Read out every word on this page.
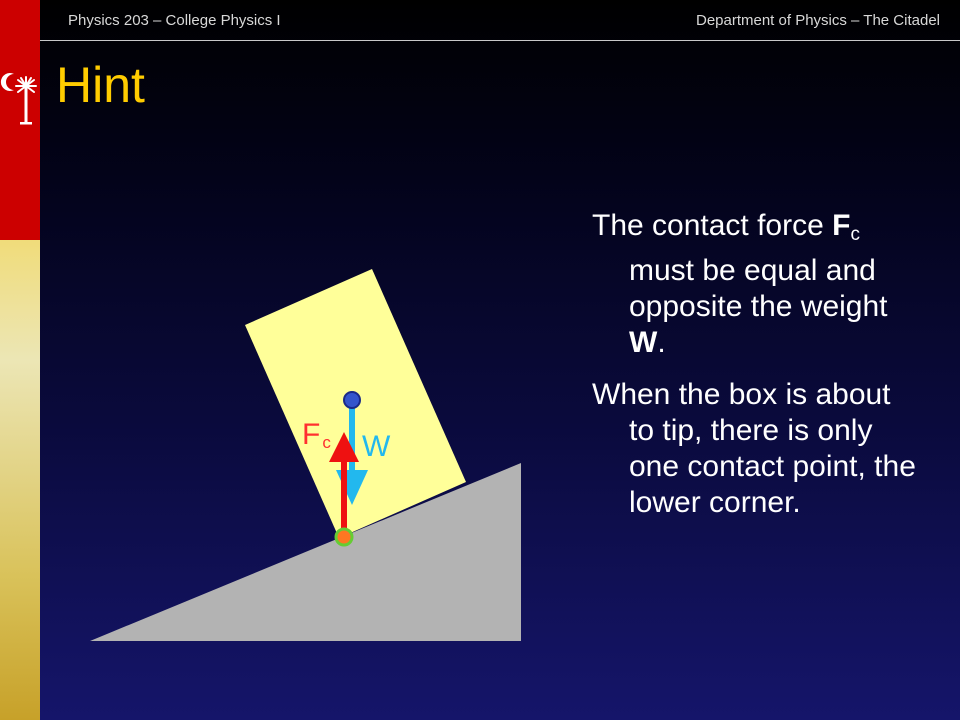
Physics 203 – College Physics I	Department of Physics – The Citadel
Hint
F $_c$ W
The contact force $F_c$ must be equal and opposite the weight W.
When the box is about to tip, there is only one contact point, the lower corner.
